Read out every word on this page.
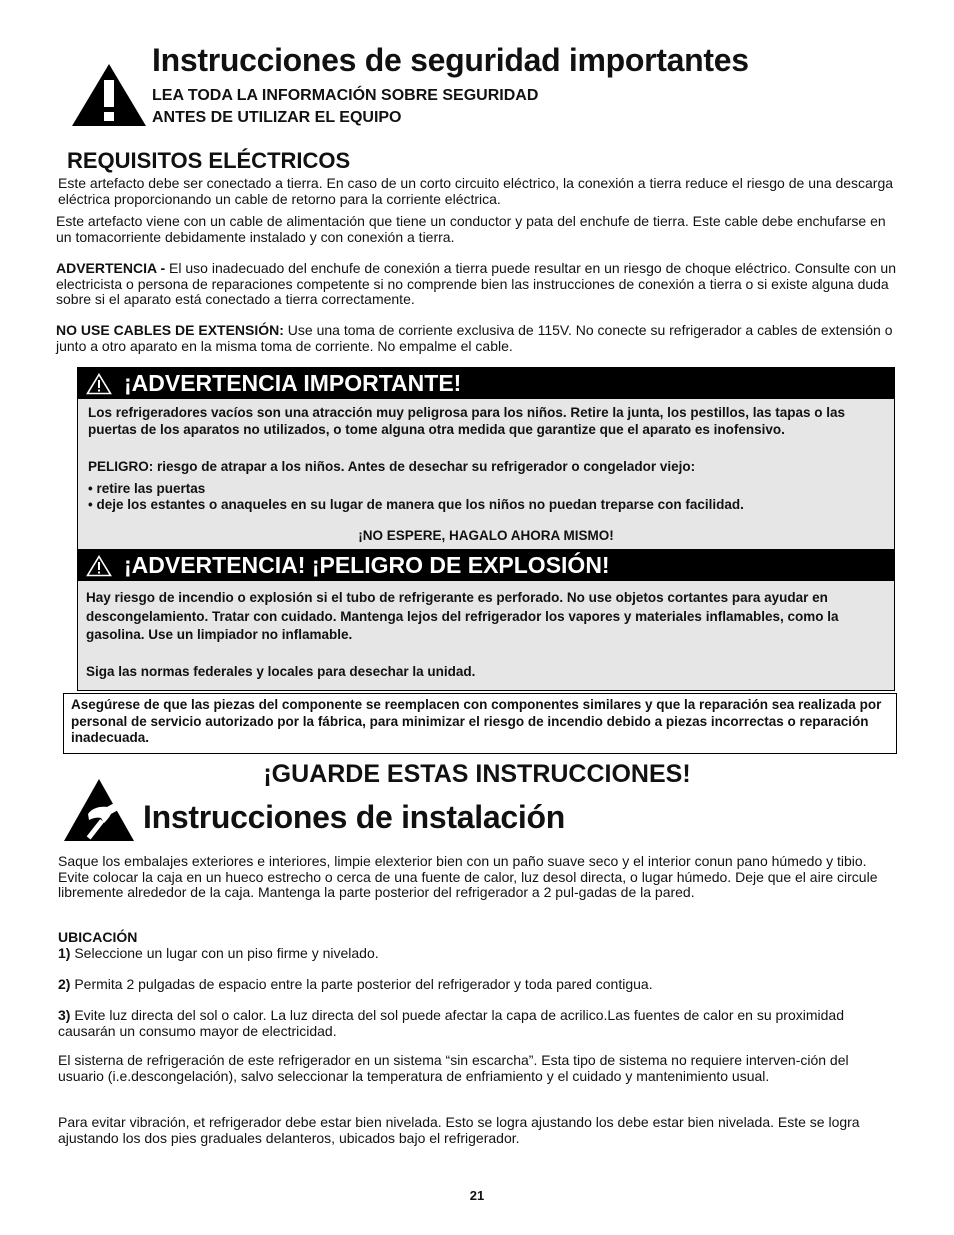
Instrucciones de seguridad importantes
LEA TODA LA INFORMACIÓN SOBRE SEGURIDAD
ANTES DE UTILIZAR EL EQUIPO
REQUISITOS ELÉCTRICOS
Este artefacto debe ser conectado a tierra. En caso de un corto circuito eléctrico, la conexión a tierra reduce el riesgo de una descarga eléctrica proporcionando un cable de retorno para la corriente eléctrica.
Este artefacto viene con un cable de alimentación que tiene un conductor y pata del enchufe de tierra. Este cable debe enchufarse en un tomacorriente debidamente instalado y con conexión a tierra.
ADVERTENCIA - El uso inadecuado del enchufe de conexión a tierra puede resultar en un riesgo de choque eléctrico. Consulte con un electricista o persona de reparaciones competente si no comprende bien las instrucciones de conexión a tierra o si existe alguna duda sobre si el aparato está conectado a tierra correctamente.
NO USE CABLES DE EXTENSIÓN: Use una toma de corriente exclusiva de 115V. No conecte su refrigerador a cables de extensión o junto a otro aparato en la misma toma de corriente. No empalme el cable.
¡ADVERTENCIA IMPORTANTE!
Los refrigeradores vacíos son una atracción muy peligrosa para los niños. Retire la junta, los pestillos, las tapas o las puertas de los aparatos no utilizados, o tome alguna otra medida que garantize que el aparato es inofensivo.
PELIGRO: riesgo de atrapar a los niños. Antes de desechar su refrigerador o congelador viejo:
• retire las puertas
• deje los estantes o anaqueles en su lugar de manera que los niños no puedan treparse con facilidad.
¡NO ESPERE, HAGALO AHORA MISMO!
¡ADVERTENCIA! ¡PELIGRO DE EXPLOSIÓN!
Hay riesgo de incendio o explosión si el tubo de refrigerante es perforado. No use objetos cortantes para ayudar en descongelamiento. Tratar con cuidado. Mantenga lejos del refrigerador los vapores y materiales inflamables, como la gasolina. Use un limpiador no inflamable.
Siga las normas federales y locales para desechar la unidad.
Asegúrese de que las piezas del componente se reemplacen con componentes similares y que la reparación sea realizada por personal de servicio autorizado por la fábrica, para minimizar el riesgo de incendio debido a piezas incorrectas o reparación inadecuada.
¡GUARDE ESTAS INSTRUCCIONES!
Instrucciones de instalación
Saque los embalajes exteriores e interiores, limpie elexterior bien con un paño suave seco y el interior conun pano húmedo y tibio. Evite colocar la caja en un hueco estrecho o cerca de una fuente de calor, luz desol directa, o lugar húmedo. Deje que el aire circule libremente alrededor de la caja. Mantenga la parte posterior del refrigerador a 2 pul-gadas de la pared.
UBICACIÓN
1) Seleccione un lugar con un piso firme y nivelado.
2) Permita 2 pulgadas de espacio entre la parte posterior del refrigerador y toda pared contigua.
3) Evite luz directa del sol o calor. La luz directa del sol puede afectar la capa de acrilico.Las fuentes de calor en su proximidad causarán un consumo mayor de electricidad.
El sisterna de refrigeración de este refrigerador en un sistema “sin escarcha”. Esta tipo de sistema no requiere interven-ción del usuario (i.e.descongelación), salvo seleccionar la temperatura de enfriamiento y el cuidado y mantenimiento usual.
Para evitar vibración, et refrigerador debe estar bien nivelada. Esto se logra ajustando los debe estar bien nivelada. Este se logra ajustando los dos pies graduales delanteros, ubicados bajo el refrigerador.
21
